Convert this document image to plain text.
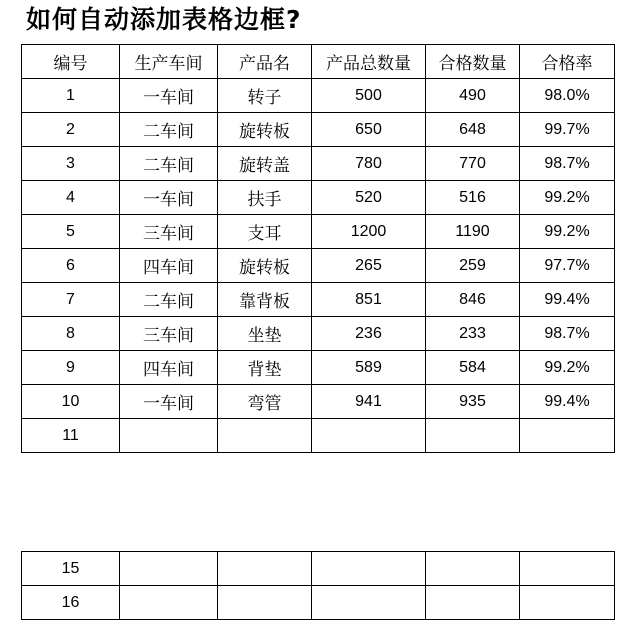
如何自动添加表格边框?
编号	生产车间	产品名	产品总数量	合格数量	合格率
1	一车间	转子	500	490	98.0%
2	二车间	旋转板	650	648	99.7%
3	二车间	旋转盖	780	770	98.7%
4	一车间	扶手	520	516	99.2%
5	三车间	支耳	1200	1190	99.2%
6	四车间	旋转板	265	259	97.7%
7	二车间	靠背板	851	846	99.4%
8	三车间	坐垫	236	233	98.7%
9	四车间	背垫	589	584	99.2%
10	一车间	弯管	941	935	99.4%
11					
15					
16					
